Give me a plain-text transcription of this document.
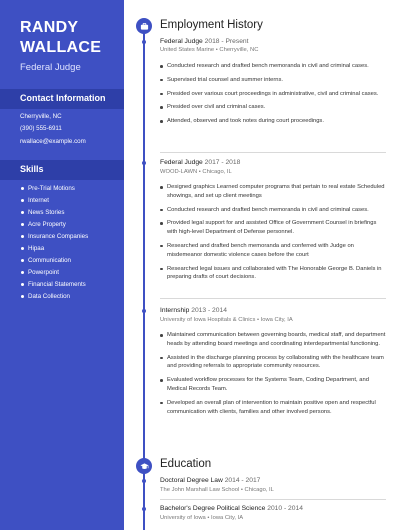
RANDY
WALLACE
Federal Judge
Contact Information
Cherryville, NC
(390) 555-6911
rwallace@example.com
Skills
Pre-Trial Motions
Internet
News Stories
Acre Property
Insurance Companies
Hipaa
Communication
Powerpoint
Financial Statements
Data Collection
Employment History
Federal Judge 2018 - Present
United States Marine • Cherryville, NC
Conducted research and drafted bench memoranda in civil and criminal cases.
Supervised trial counsel and summer interns.
Presided over various court proceedings in administrative, civil and criminal cases.
Presided over civil and criminal cases.
Attended, observed and took notes during court proceedings.
Federal Judge 2017 - 2018
WOOD-LAWN • Chicago, IL
Designed graphics Learned computer programs that pertain to real estate Scheduled showings, and set up client meetings
Conducted research and drafted bench memoranda in civil and criminal cases.
Provided legal support for and assisted Office of Government Counsel in briefings with high-level Department of Defense personnel.
Researched and drafted bench memoranda and conferred with Judge on misdemeanor domestic violence cases before the court
Researched legal issues and collaborated with The Honorable George B. Daniels in preparing drafts of court decisions.
Internship 2013 - 2014
University of Iowa Hospitals & Clinics • Iowa City, IA
Maintained communication between governing boards, medical staff, and department heads by attending board meetings and coordinating interdepartmental functioning.
Assisted in the discharge planning process by collaborating with the healthcare team and providing referrals to appropriate community resources.
Evaluated workflow processes for the Systems Team, Coding Department, and Medical Records Team.
Developed an overall plan of intervention to maintain positive open and respectful communication with clients, families and other involved persons.
Education
Doctoral Degree Law 2014 - 2017
The John Marshall Law School • Chicago, IL
Bachelor's Degree Political Science 2010 - 2014
University of Iowa • Iowa City, IA
